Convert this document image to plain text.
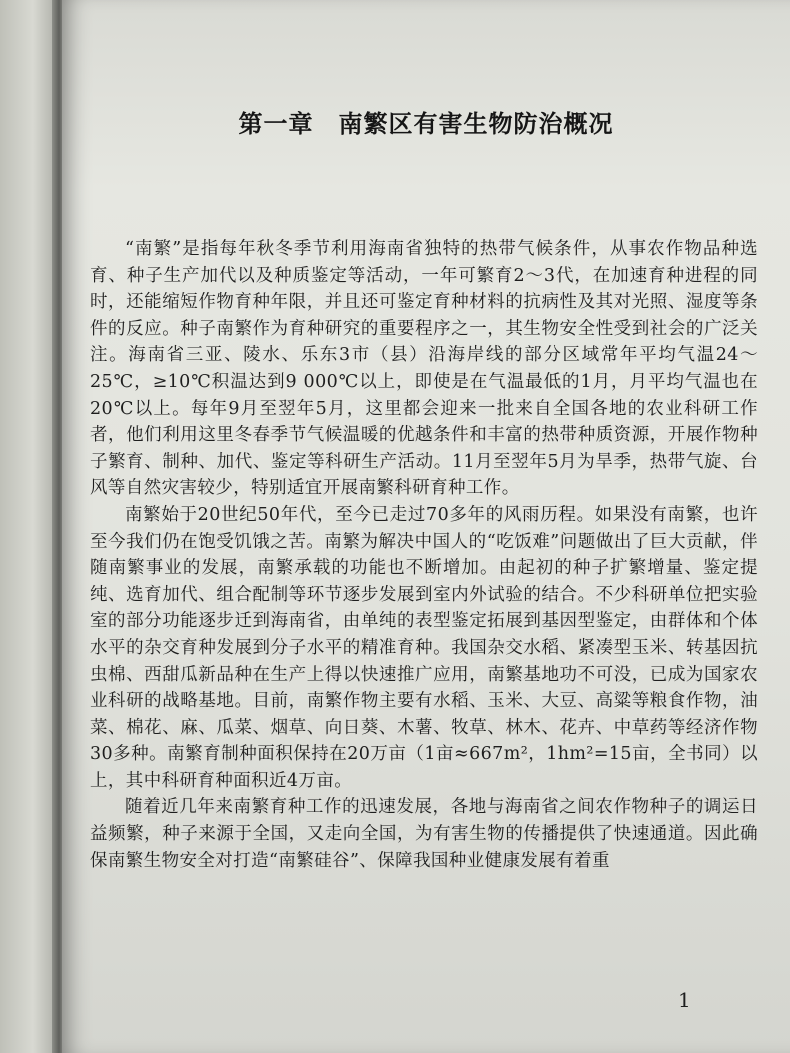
第一章　南繁区有害生物防治概况

“南繁”是指每年秋冬季节利用海南省独特的热带气候条件，从事农作物品种选育、种子生产加代以及种质鉴定等活动，一年可繁育2～3代，在加速育种进程的同时，还能缩短作物育种年限，并且还可鉴定育种材料的抗病性及其对光照、湿度等条件的反应。种子南繁作为育种研究的重要程序之一，其生物安全性受到社会的广泛关注。海南省三亚、陵水、乐东3市（县）沿海岸线的部分区域常年平均气温24～25℃，≥10℃积温达到9 000℃以上，即使是在气温最低的1月，月平均气温也在20℃以上。每年9月至翌年5月，这里都会迎来一批来自全国各地的农业科研工作者，他们利用这里冬春季节气候温暖的优越条件和丰富的热带种质资源，开展作物种子繁育、制种、加代、鉴定等科研生产活动。11月至翌年5月为旱季，热带气旋、台风等自然灾害较少，特别适宜开展南繁科研育种工作。

南繁始于20世纪50年代，至今已走过70多年的风雨历程。如果没有南繁，也许至今我们仍在饱受饥饿之苦。南繁为解决中国人的“吃饭难”问题做出了巨大贡献，伴随南繁事业的发展，南繁承载的功能也不断增加。由起初的种子扩繁增量、鉴定提纯、选育加代、组合配制等环节逐步发展到室内外试验的结合。不少科研单位把实验室的部分功能逐步迁到海南省，由单纯的表型鉴定拓展到基因型鉴定，由群体和个体水平的杂交育种发展到分子水平的精准育种。我国杂交水稻、紧凑型玉米、转基因抗虫棉、西甜瓜新品种在生产上得以快速推广应用，南繁基地功不可没，已成为国家农业科研的战略基地。目前，南繁作物主要有水稻、玉米、大豆、高粱等粮食作物，油菜、棉花、麻、瓜菜、烟草、向日葵、木薯、牧草、林木、花卉、中草药等经济作物30多种。南繁育制种面积保持在20万亩（1亩≈667m²，1hm²=15亩，全书同）以上，其中科研育种面积近4万亩。

随着近几年来南繁育种工作的迅速发展，各地与海南省之间农作物种子的调运日益频繁，种子来源于全国，又走向全国，为有害生物的传播提供了快速通道。因此确保南繁生物安全对打造“南繁硅谷”、保障我国种业健康发展有着重

1
